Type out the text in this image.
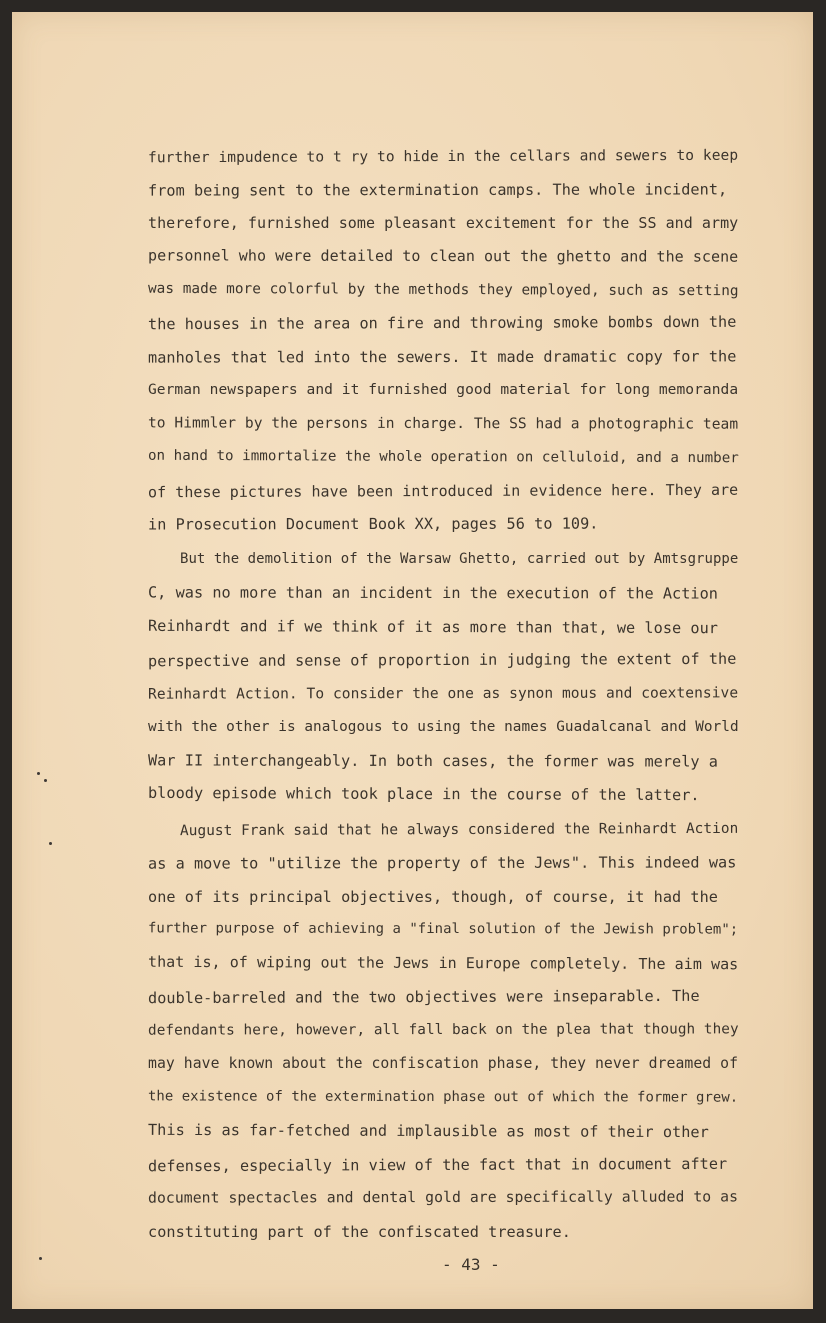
further impudence to t ry to hide in the cellars and sewers to keep
from being sent to the extermination camps. The whole incident,
therefore, furnished some pleasant excitement for the SS and army
personnel who were detailed to clean out the ghetto and the scene
was made more colorful by the methods they employed, such as setting
the houses in the area on fire and throwing smoke bombs down the
manholes that led into the sewers. It made dramatic copy for the
German newspapers and it furnished good material for long memoranda
to Himmler by the persons in charge. The SS had a photographic team
on hand to immortalize the whole operation on celluloid, and a number
of these pictures have been introduced in evidence here. They are
in Prosecution Document Book XX, pages 56 to 109.
But the demolition of the Warsaw Ghetto, carried out by Amtsgruppe
C, was no more than an incident in the execution of the Action
Reinhardt and if we think of it as more than that, we lose our
perspective and sense of proportion in judging the extent of the
Reinhardt Action. To consider the one as synon mous and coextensive
with the other is analogous to using the names Guadalcanal and World
War II interchangeably. In both cases, the former was merely a
bloody episode which took place in the course of the latter.
August Frank said that he always considered the Reinhardt Action
as a move to "utilize the property of the Jews". This indeed was
one of its principal objectives, though, of course, it had the
further purpose of achieving a "final solution of the Jewish problem";
that is, of wiping out the Jews in Europe completely. The aim was
double-barreled and the two objectives were inseparable. The
defendants here, however, all fall back on the plea that though they
may have known about the confiscation phase, they never dreamed of
the existence of the extermination phase out of which the former grew.
This is as far-fetched and implausible as most of their other
defenses, especially in view of the fact that in document after
document spectacles and dental gold are specifically alluded to as
constituting part of the confiscated treasure.
- 43 -
